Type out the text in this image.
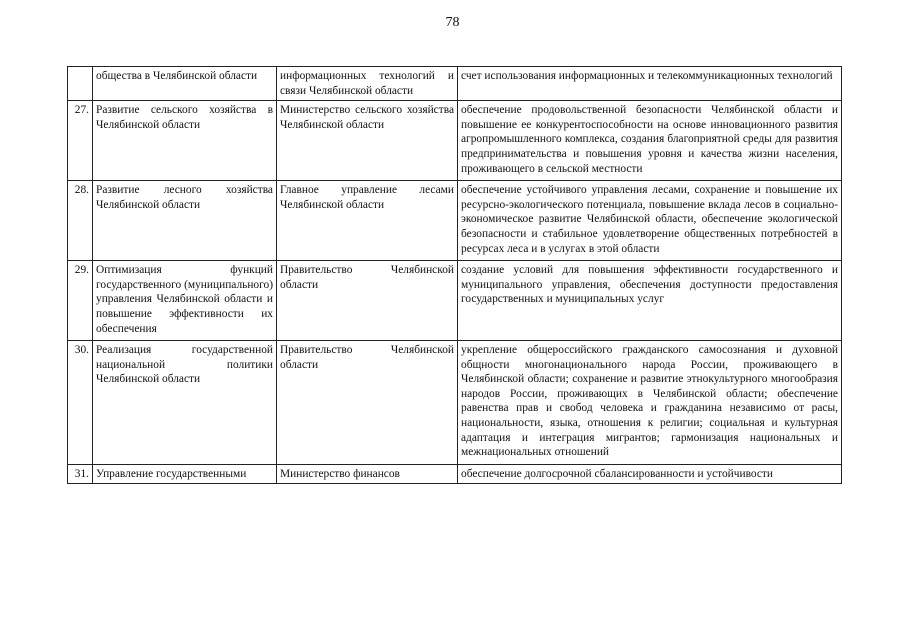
78
	общества в Челябинской области	информационных технологий и связи Челябинской области	счет использования информационных и телекоммуникационных технологий
27.	Развитие сельского хозяйства в Челябинской области	Министерство сельского хозяйства Челябинской области	обеспечение продовольственной безопасности Челябинской области и повышение ее конкурентоспособности на основе инновационного развития агропромышленного комплекса, создания благоприятной среды для развития предпринимательства и повышения уровня и качества жизни населения, проживающего в сельской местности
28.	Развитие лесного хозяйства Челябинской области	Главное управление лесами Челябинской области	обеспечение устойчивого управления лесами, сохранение и повышение их ресурсно-экологического потенциала, повышение вклада лесов в социально-экономическое развитие Челябинской области, обеспечение экологической безопасности и стабильное удовлетворение общественных потребностей в ресурсах леса и в услугах в этой области
29.	Оптимизация функций государственного (муниципального) управления Челябинской области и повышение эффективности их обеспечения	Правительство Челябинской области	создание условий для повышения эффективности государственного и муниципального управления, обеспечения доступности предоставления государственных и муниципальных услуг
30.	Реализация государственной национальной политики Челябинской области	Правительство Челябинской области	укрепление общероссийского гражданского самосознания и духовной общности многонационального народа России, проживающего в Челябинской области; сохранение и развитие этнокультурного многообразия народов России, проживающих в Челябинской области; обеспечение равенства прав и свобод человека и гражданина независимо от расы, национальности, языка, отношения к религии; социальная и культурная адаптация и интеграция мигрантов; гармонизация национальных и межнациональных отношений
31.	Управление государственными	Министерство финансов	обеспечение долгосрочной сбалансированности и устойчивости
